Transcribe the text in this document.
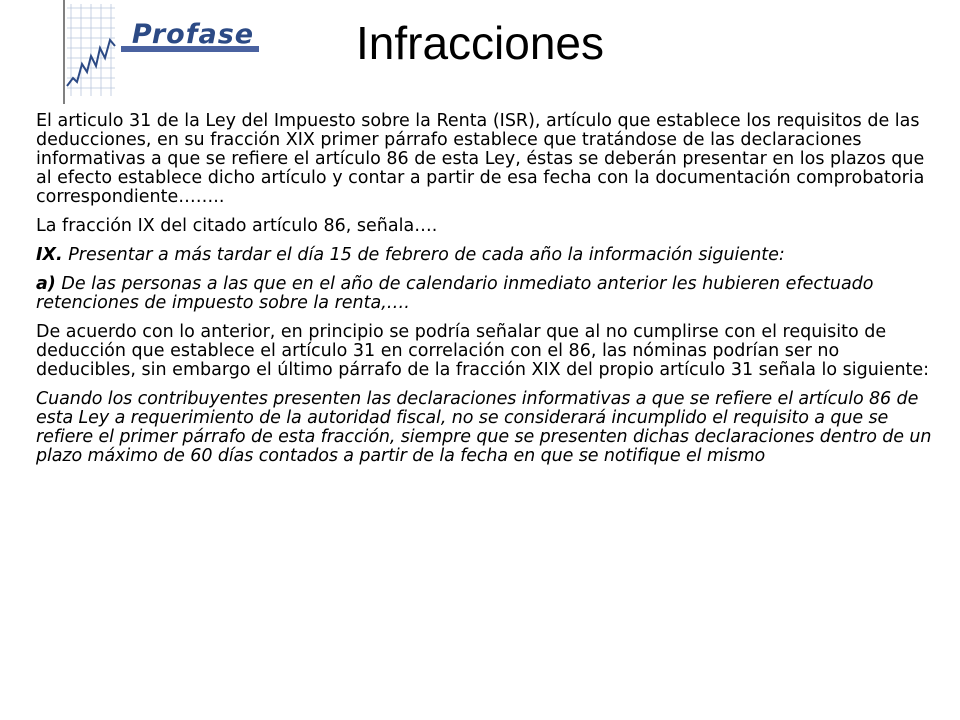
Profase	Infracciones

El articulo 31 de la Ley del Impuesto sobre la Renta (ISR), artículo que establece los requisitos de las deducciones, en su fracción XIX primer párrafo establece que tratándose de las declaraciones informativas a que se refiere el artículo 86 de esta Ley, éstas se deberán presentar en los plazos que al efecto establece dicho artículo y contar a partir de esa fecha con la documentación comprobatoria correspondiente……..

La fracción IX del citado artículo 86, señala….

IX. Presentar a más tardar el día 15 de febrero de cada año la información siguiente:

a) De las personas a las que en el año de calendario inmediato anterior les hubieren efectuado retenciones de impuesto sobre la renta,….

De acuerdo con lo anterior, en principio se podría señalar que al no cumplirse con el requisito de deducción que establece el artículo 31 en correlación con el 86, las nóminas podrían ser no deducibles, sin embargo el último párrafo de la fracción XIX del propio artículo 31 señala lo siguiente:

Cuando los contribuyentes presenten las declaraciones informativas a que se refiere el artículo 86 de esta Ley a requerimiento de la autoridad fiscal, no se considerará incumplido el requisito a que se refiere el primer párrafo de esta fracción, siempre que se presenten dichas declaraciones dentro de un plazo máximo de 60 días contados a partir de la fecha en que se notifique el mismo
